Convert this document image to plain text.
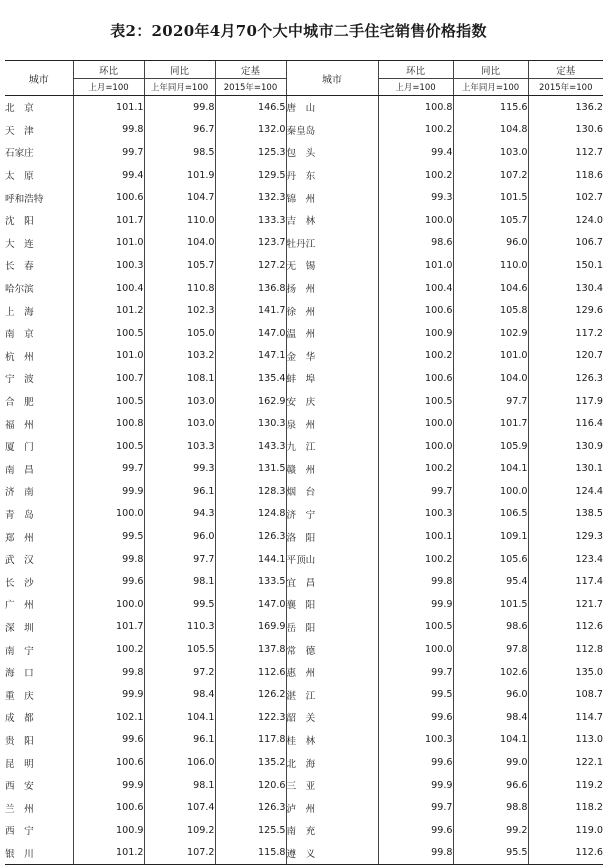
表2：2020年4月70个大中城市二手住宅销售价格指数
城市	环比	同比	定基	城市	环比	同比	定基
	上月=100	上年同月=100	2015年=100		上月=100	上年同月=100	2015年=100
北　京	101.1	99.8	146.5	唐　山	100.8	115.6	136.2
天　津	99.8	96.7	132.0	秦皇岛	100.2	104.8	130.6
石家庄	99.7	98.5	125.3	包　头	99.4	103.0	112.7
太　原	99.4	101.9	129.5	丹　东	100.2	107.2	118.6
呼和浩特	100.6	104.7	132.3	锦　州	99.3	101.5	102.7
沈　阳	101.7	110.0	133.3	吉　林	100.0	105.7	124.0
大　连	101.0	104.0	123.7	牡丹江	98.6	96.0	106.7
长　春	100.3	105.7	127.2	无　锡	101.0	110.0	150.1
哈尔滨	100.4	110.8	136.8	扬　州	100.4	104.6	130.4
上　海	101.2	102.3	141.7	徐　州	100.6	105.8	129.6
南　京	100.5	105.0	147.0	温　州	100.9	102.9	117.2
杭　州	101.0	103.2	147.1	金　华	100.2	101.0	120.7
宁　波	100.7	108.1	135.4	蚌　埠	100.6	104.0	126.3
合　肥	100.5	103.0	162.9	安　庆	100.5	97.7	117.9
福　州	100.8	103.0	130.3	泉　州	100.0	101.7	116.4
厦　门	100.5	103.3	143.3	九　江	100.0	105.9	130.9
南　昌	99.7	99.3	131.5	赣　州	100.2	104.1	130.1
济　南	99.9	96.1	128.3	烟　台	99.7	100.0	124.4
青　岛	100.0	94.3	124.8	济　宁	100.3	106.5	138.5
郑　州	99.5	96.0	126.3	洛　阳	100.1	109.1	129.3
武　汉	99.8	97.7	144.1	平顶山	100.2	105.6	123.4
长　沙	99.6	98.1	133.5	宜　昌	99.8	95.4	117.4
广　州	100.0	99.5	147.0	襄　阳	99.9	101.5	121.7
深　圳	101.7	110.3	169.9	岳　阳	100.5	98.6	112.6
南　宁	100.2	105.5	137.8	常　德	100.0	97.8	112.8
海　口	99.8	97.2	112.6	惠　州	99.7	102.6	135.0
重　庆	99.9	98.4	126.2	湛　江	99.5	96.0	108.7
成　都	102.1	104.1	122.3	韶　关	99.6	98.4	114.7
贵　阳	99.6	96.1	117.8	桂　林	100.3	104.1	113.0
昆　明	100.6	106.0	135.2	北　海	99.6	99.0	122.1
西　安	99.9	98.1	120.6	三　亚	99.9	96.6	119.2
兰　州	100.6	107.4	126.3	泸　州	99.7	98.8	118.2
西　宁	100.9	109.2	125.5	南　充	99.6	99.2	119.0
银　川	101.2	107.2	115.8	遵　义	99.8	95.5	112.6
